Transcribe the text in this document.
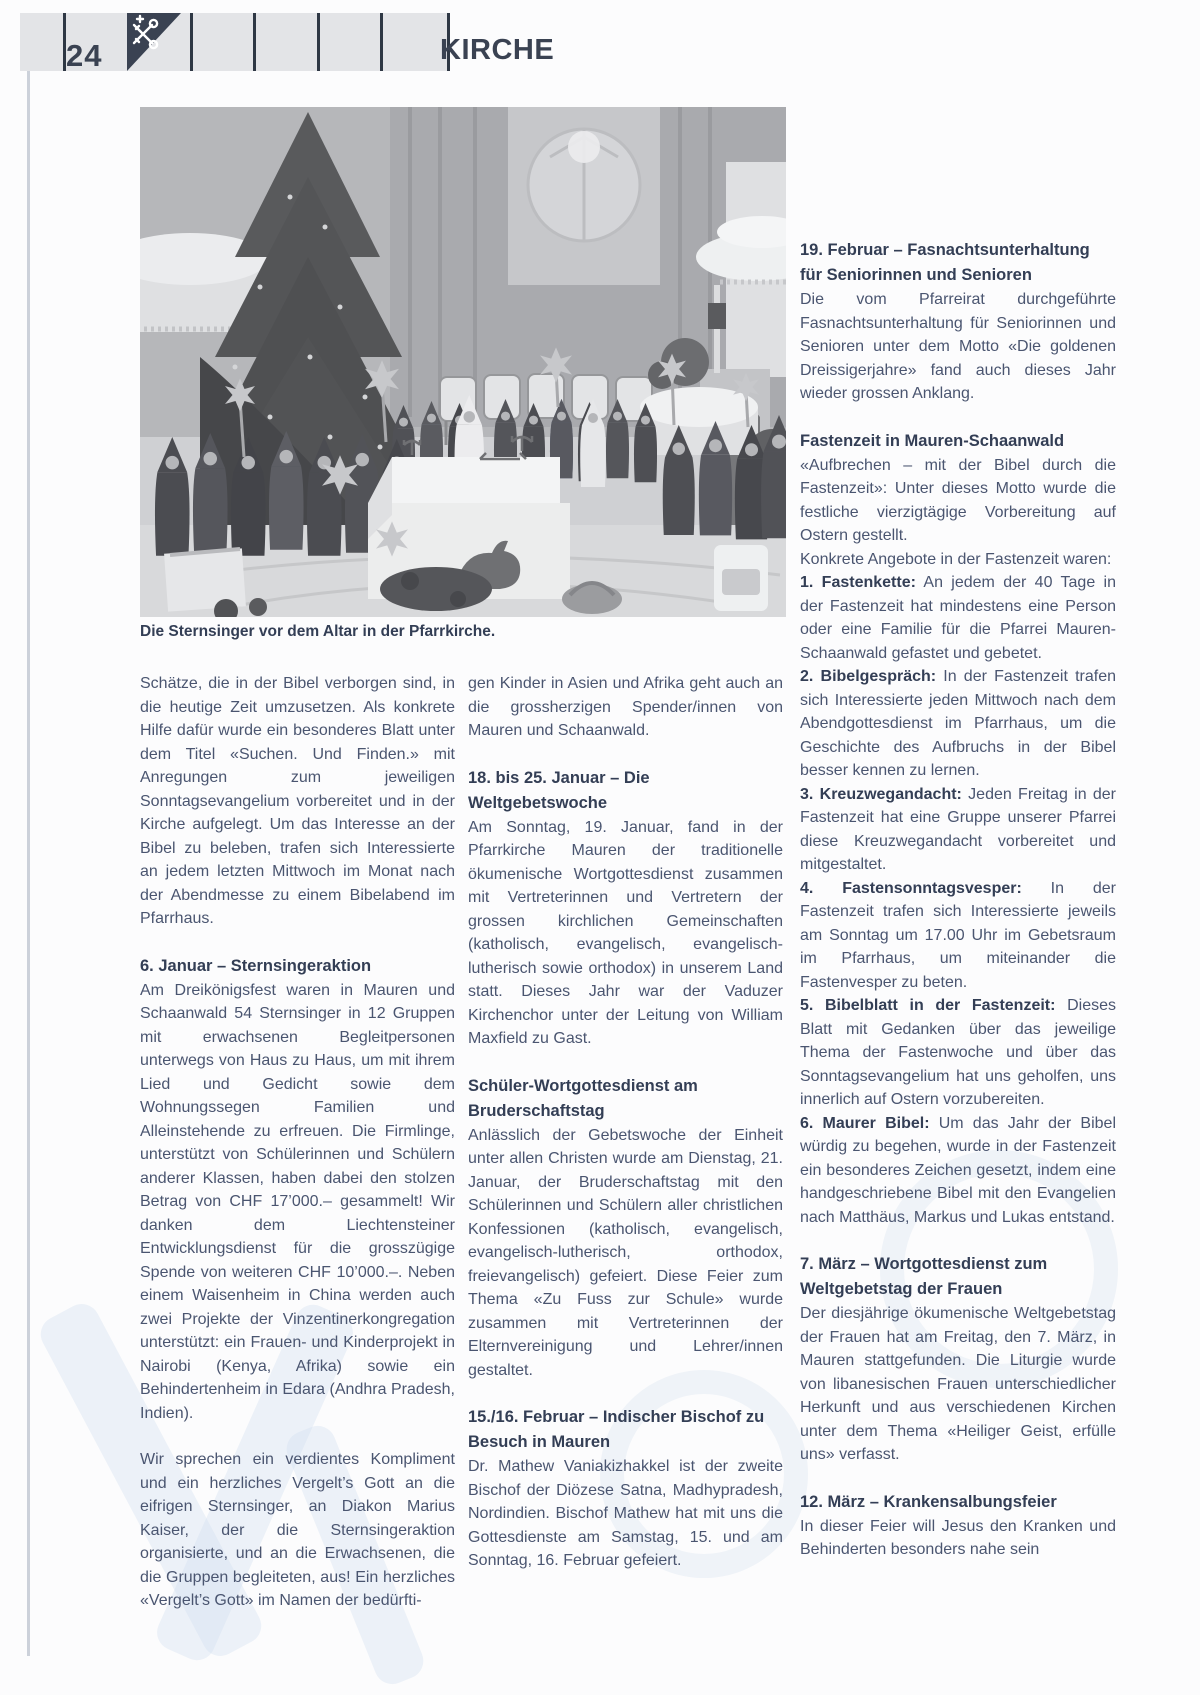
24	KIRCHE
Die Sternsinger vor dem Altar in der Pfarrkirche.

Schätze, die in der Bibel verborgen sind, in die heutige Zeit umzusetzen. Als konkrete Hilfe dafür wurde ein besonderes Blatt unter dem Titel «Suchen. Und Finden.» mit Anregungen zum jeweiligen Sonntagsevangelium vorbereitet und in der Kirche aufgelegt. Um das Interesse an der Bibel zu beleben, trafen sich Interessierte an jedem letzten Mittwoch im Monat nach der Abendmesse zu einem Bibelabend im Pfarrhaus.

6. Januar – Sternsingeraktion

Am Dreikönigsfest waren in Mauren und Schaanwald 54 Sternsinger in 12 Gruppen mit erwachsenen Begleitpersonen unterwegs von Haus zu Haus, um mit ihrem Lied und Gedicht sowie dem Wohnungssegen Familien und Alleinstehende zu erfreuen. Die Firmlinge, unterstützt von Schülerinnen und Schülern anderer Klassen, haben dabei den stolzen Betrag von CHF 17’000.– gesammelt! Wir danken dem Liechtensteiner Entwicklungsdienst für die grosszügige Spende von weiteren CHF 10’000.–. Neben einem Waisenheim in China werden auch zwei Projekte der Vinzentinerkongregation unterstützt: ein Frauen- und Kinderprojekt in Nairobi (Kenya, Afrika) sowie ein Behindertenheim in Edara (Andhra Pradesh, Indien).

Wir sprechen ein verdientes Kompliment und ein herzliches Vergelt’s Gott an die eifrigen Sternsinger, an Diakon Marius Kaiser, der die Sternsingeraktion organisierte, und an die Erwachsenen, die die Gruppen begleiteten, aus! Ein herzliches «Vergelt’s Gott» im Namen der bedürfti-

gen Kinder in Asien und Afrika geht auch an die grossherzigen Spender/innen von Mauren und Schaanwald.

18. bis 25. Januar – Die Weltgebetswoche

Am Sonntag, 19. Januar, fand in der Pfarrkirche Mauren der traditionelle ökumenische Wortgottesdienst zusammen mit Vertreterinnen und Vertretern der grossen kirchlichen Gemeinschaften (katholisch, evangelisch, evangelisch-lutherisch sowie orthodox) in unserem Land statt. Dieses Jahr war der Vaduzer Kirchenchor unter der Leitung von William Maxfield zu Gast.

Schüler-Wortgottesdienst am Bruderschaftstag

Anlässlich der Gebetswoche der Einheit unter allen Christen wurde am Dienstag, 21. Januar, der Bruderschaftstag mit den Schülerinnen und Schülern aller christlichen Konfessionen (katholisch, evangelisch, evangelisch-lutherisch, orthodox, freievangelisch) gefeiert. Diese Feier zum Thema «Zu Fuss zur Schule» wurde zusammen mit Vertreterinnen der Elternvereinigung und Lehrer/innen gestaltet.

15./16. Februar – Indischer Bischof zu Besuch in Mauren

Dr. Mathew Vaniakizhakkel ist der zweite Bischof der Diözese Satna, Madhypradesh, Nordindien. Bischof Mathew hat mit uns die Gottesdienste am Samstag, 15. und am Sonntag, 16. Februar gefeiert.

19. Februar – Fasnachtsunterhaltung für Seniorinnen und Senioren

Die vom Pfarreirat durchgeführte Fasnachtsunterhaltung für Seniorinnen und Senioren unter dem Motto «Die goldenen Dreissigerjahre» fand auch dieses Jahr wieder grossen Anklang.

Fastenzeit in Mauren-Schaanwald

«Aufbrechen – mit der Bibel durch die Fastenzeit»: Unter dieses Motto wurde die festliche vierzigtägige Vorbereitung auf Ostern gestellt.

Konkrete Angebote in der Fastenzeit waren:

1. Fastenkette: An jedem der 40 Tage in der Fastenzeit hat mindestens eine Person oder eine Familie für die Pfarrei Mauren-Schaanwald gefastet und gebetet.

2. Bibelgespräch: In der Fastenzeit trafen sich Interessierte jeden Mittwoch nach dem Abendgottesdienst im Pfarrhaus, um die Geschichte des Aufbruchs in der Bibel besser kennen zu lernen.

3. Kreuzwegandacht: Jeden Freitag in der Fastenzeit hat eine Gruppe unserer Pfarrei diese Kreuzwegandacht vorbereitet und mitgestaltet.

4. Fastensonntagsvesper: In der Fastenzeit trafen sich Interessierte jeweils am Sonntag um 17.00 Uhr im Gebetsraum im Pfarrhaus, um miteinander die Fastenvesper zu beten.

5. Bibelblatt in der Fastenzeit: Dieses Blatt mit Gedanken über das jeweilige Thema der Fastenwoche und über das Sonntagsevangelium hat uns geholfen, uns innerlich auf Ostern vorzubereiten.

6. Maurer Bibel: Um das Jahr der Bibel würdig zu begehen, wurde in der Fastenzeit ein besonderes Zeichen gesetzt, indem eine handgeschriebene Bibel mit den Evangelien nach Matthäus, Markus und Lukas entstand.

7. März – Wortgottesdienst zum Weltgebetstag der Frauen

Der diesjährige ökumenische Weltgebetstag der Frauen hat am Freitag, den 7. März, in Mauren stattgefunden. Die Liturgie wurde von libanesischen Frauen unterschiedlicher Herkunft und aus verschiedenen Kirchen unter dem Thema «Heiliger Geist, erfülle uns» verfasst.

12. März – Krankensalbungsfeier

In dieser Feier will Jesus den Kranken und Behinderten besonders nahe sein
